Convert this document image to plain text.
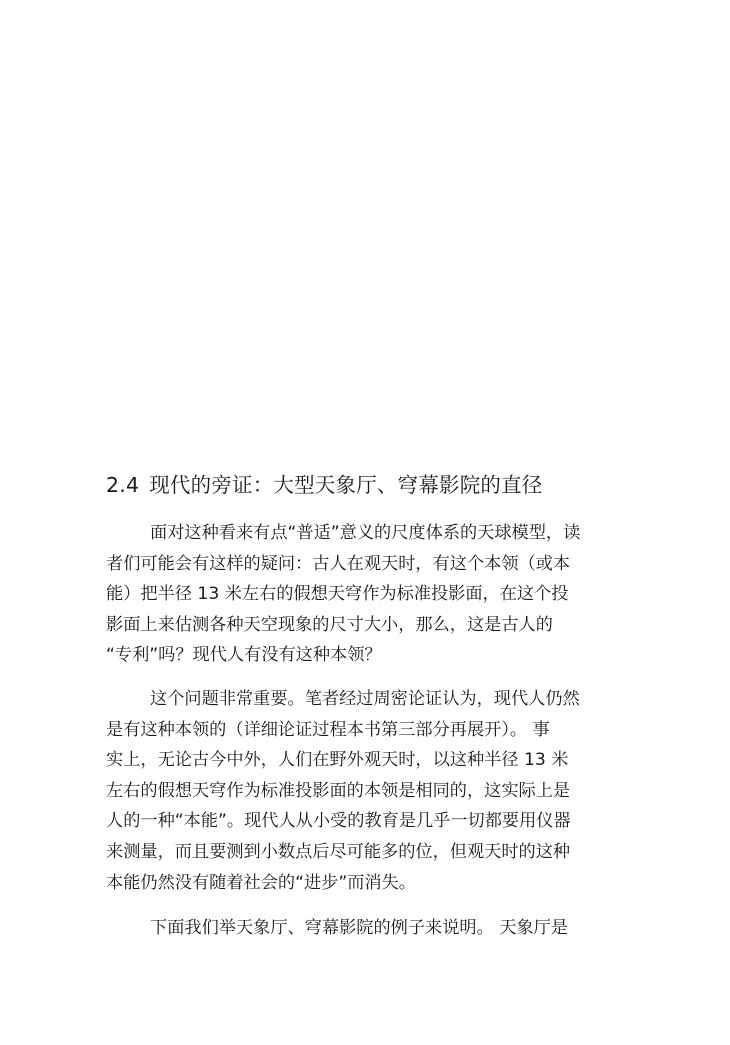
2.4 现代的旁证：大型天象厅、穹幕影院的直径
面对这种看来有点“普适”意义的尺度体系的天球模型，读
者们可能会有这样的疑问：古人在观天时，有这个本领（或本
能）把半径 13 米左右的假想天穹作为标准投影面，在这个投
影面上来估测各种天空现象的尺寸大小，那么，这是古人的
“专利”吗？现代人有没有这种本领？
这个问题非常重要。笔者经过周密论证认为，现代人仍然
是有这种本领的（详细论证过程本书第三部分再展开）。 事
实上，无论古今中外，人们在野外观天时，以这种半径 13 米
左右的假想天穹作为标准投影面的本领是相同的，这实际上是
人的一种“本能”。现代人从小受的教育是几乎一切都要用仪器
来测量，而且要测到小数点后尽可能多的位，但观天时的这种
本能仍然没有随着社会的“进步”而消失。
下面我们举天象厅、穹幕影院的例子来说明。 天象厅是
